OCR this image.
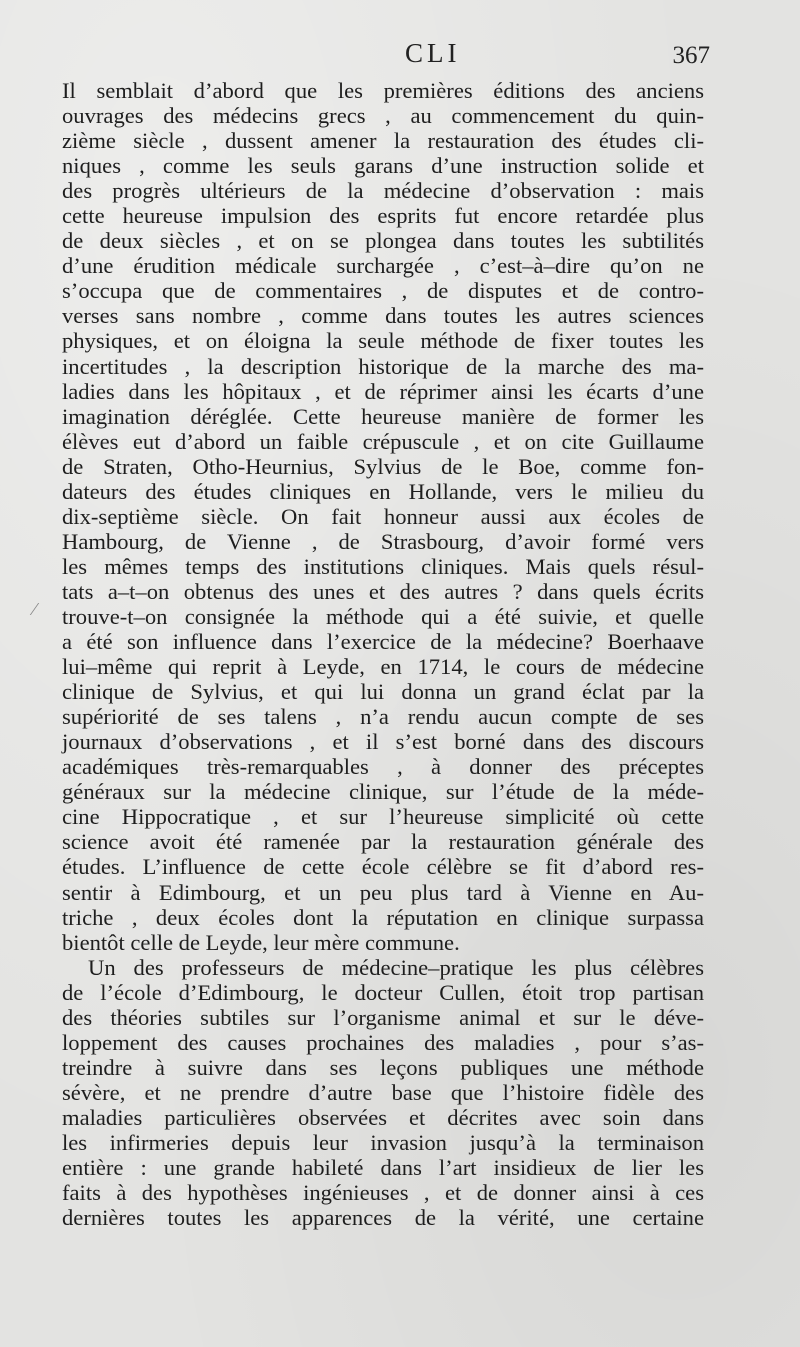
CLI	367
Il semblait d’abord que les premières éditions des anciens
ouvrages des médecins grecs , au commencement du quin-
zième siècle , dussent amener la restauration des études cli-
niques , comme les seuls garans d’une instruction solide et
des progrès ultérieurs de la médecine d’observation : mais
cette heureuse impulsion des esprits fut encore retardée plus
de deux siècles , et on se plongea dans toutes les subtilités
d’une érudition médicale surchargée , c’est–à–dire qu’on ne
s’occupa que de commentaires , de disputes et de contro-
verses sans nombre , comme dans toutes les autres sciences
physiques, et on éloigna la seule méthode de fixer toutes les
incertitudes , la description historique de la marche des ma-
ladies dans les hôpitaux , et de réprimer ainsi les écarts d’une
imagination déréglée. Cette heureuse manière de former les
élèves eut d’abord un faible crépuscule , et on cite Guillaume
de Straten, Otho-Heurnius, Sylvius de le Boe, comme fon-
dateurs des études cliniques en Hollande, vers le milieu du
dix-septième siècle. On fait honneur aussi aux écoles de
Hambourg, de Vienne , de Strasbourg, d’avoir formé vers
les mêmes temps des institutions cliniques. Mais quels résul-
tats a–t–on obtenus des unes et des autres ? dans quels écrits
trouve-t–on consignée la méthode qui a été suivie, et quelle
a été son influence dans l’exercice de la médecine? Boerhaave
lui–même qui reprit à Leyde, en 1714, le cours de médecine
clinique de Sylvius, et qui lui donna un grand éclat par la
supériorité de ses talens , n’a rendu aucun compte de ses
journaux d’observations , et il s’est borné dans des discours
académiques très-remarquables , à donner des préceptes
généraux sur la médecine clinique, sur l’étude de la méde-
cine Hippocratique , et sur l’heureuse simplicité où cette
science avoit été ramenée par la restauration générale des
études. L’influence de cette école célèbre se fit d’abord res-
sentir à Edimbourg, et un peu plus tard à Vienne en Au-
triche , deux écoles dont la réputation en clinique surpassa
bientôt celle de Leyde, leur mère commune.
Un des professeurs de médecine–pratique les plus célèbres
de l’école d’Edimbourg, le docteur Cullen, étoit trop partisan
des théories subtiles sur l’organisme animal et sur le déve-
loppement des causes prochaines des maladies , pour s’as-
treindre à suivre dans ses leçons publiques une méthode
sévère, et ne prendre d’autre base que l’histoire fidèle des
maladies particulières observées et décrites avec soin dans
les infirmeries depuis leur invasion jusqu’à la terminaison
entière : une grande habileté dans l’art insidieux de lier les
faits à des hypothèses ingénieuses , et de donner ainsi à ces
dernières toutes les apparences de la vérité, une certaine
